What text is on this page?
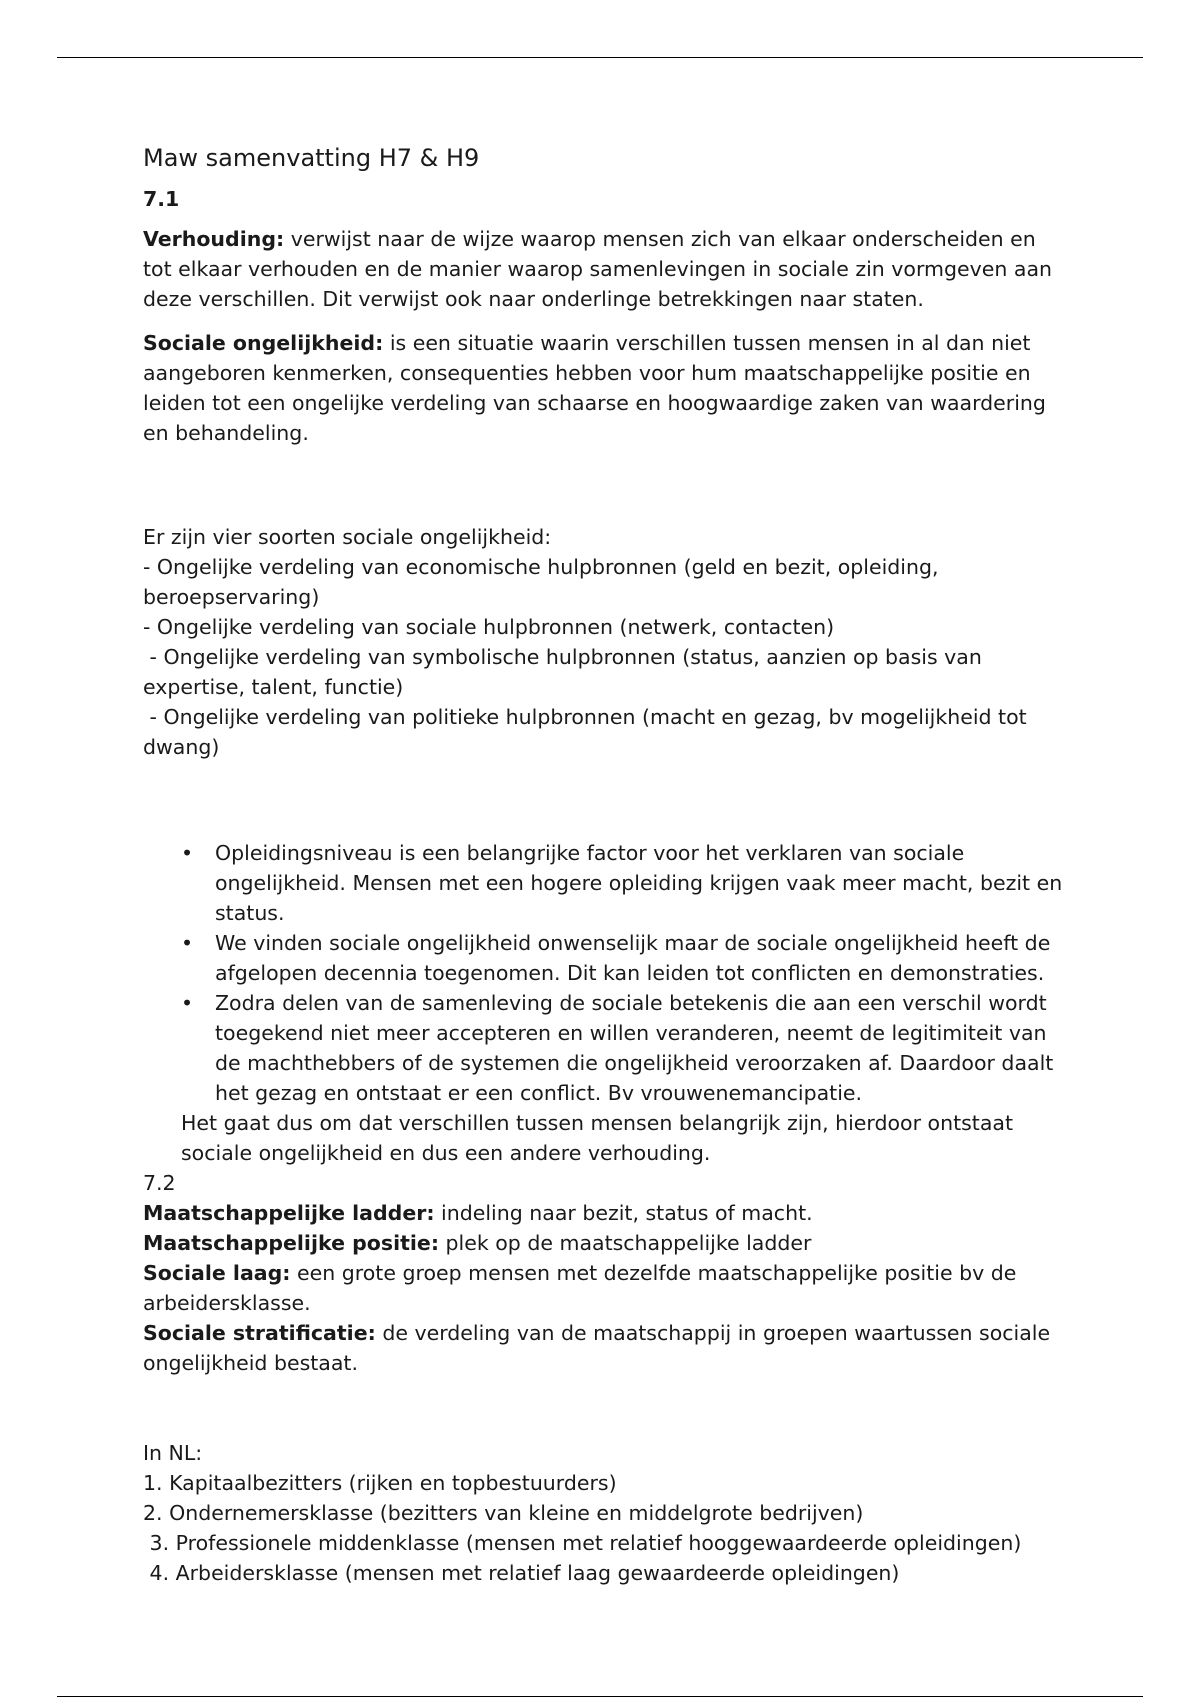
Maw samenvatting H7 & H9
7.1

Verhouding: verwijst naar de wijze waarop mensen zich van elkaar onderscheiden en tot elkaar verhouden en de manier waarop samenlevingen in sociale zin vormgeven aan deze verschillen. Dit verwijst ook naar onderlinge betrekkingen naar staten.

Sociale ongelijkheid: is een situatie waarin verschillen tussen mensen in al dan niet aangeboren kenmerken, consequenties hebben voor hum maatschappelijke positie en leiden tot een ongelijke verdeling van schaarse en hoogwaardige zaken van waardering en behandeling.

Er zijn vier soorten sociale ongelijkheid:
- Ongelijke verdeling van economische hulpbronnen (geld en bezit, opleiding, beroepservaring)
- Ongelijke verdeling van sociale hulpbronnen (netwerk, contacten)
- Ongelijke verdeling van symbolische hulpbronnen (status, aanzien op basis van expertise, talent, functie)
- Ongelijke verdeling van politieke hulpbronnen (macht en gezag, bv mogelijkheid tot dwang)

• Opleidingsniveau is een belangrijke factor voor het verklaren van sociale ongelijkheid. Mensen met een hogere opleiding krijgen vaak meer macht, bezit en status.
• We vinden sociale ongelijkheid onwenselijk maar de sociale ongelijkheid heeft de afgelopen decennia toegenomen. Dit kan leiden tot conflicten en demonstraties.
• Zodra delen van de samenleving de sociale betekenis die aan een verschil wordt toegekend niet meer accepteren en willen veranderen, neemt de legitimiteit van de machthebbers of de systemen die ongelijkheid veroorzaken af. Daardoor daalt het gezag en ontstaat er een conflict. Bv vrouwenemancipatie.
Het gaat dus om dat verschillen tussen mensen belangrijk zijn, hierdoor ontstaat sociale ongelijkheid en dus een andere verhouding.
7.2
Maatschappelijke ladder: indeling naar bezit, status of macht.
Maatschappelijke positie: plek op de maatschappelijke ladder
Sociale laag: een grote groep mensen met dezelfde maatschappelijke positie bv de arbeidersklasse.
Sociale stratificatie: de verdeling van de maatschappij in groepen waartussen sociale ongelijkheid bestaat.

In NL:
1. Kapitaalbezitters (rijken en topbestuurders)
2. Ondernemersklasse (bezitters van kleine en middelgrote bedrijven)
3. Professionele middenklasse (mensen met relatief hooggewaardeerde opleidingen)
4. Arbeidersklasse (mensen met relatief laag gewaardeerde opleidingen)
